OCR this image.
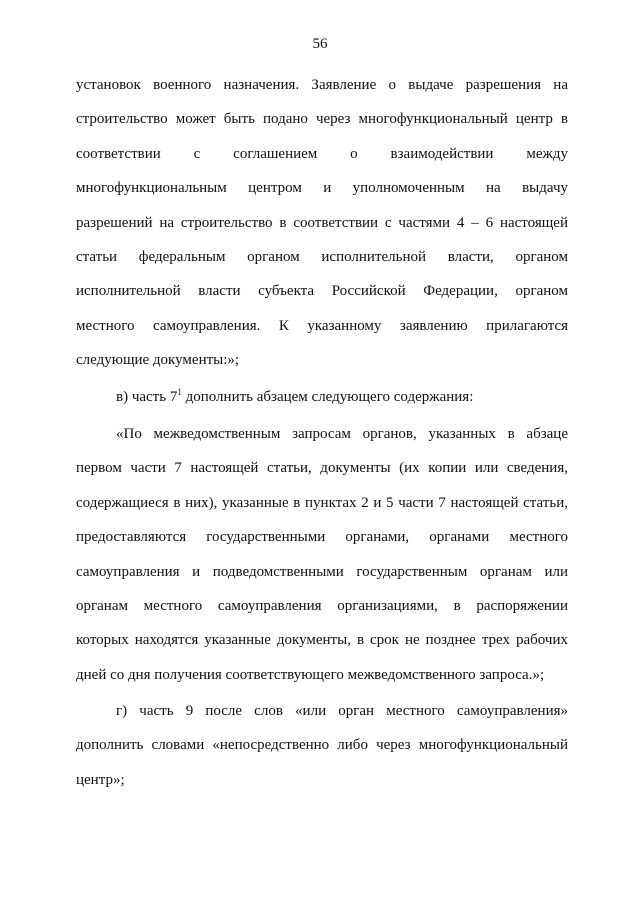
56
установок военного назначения. Заявление о выдаче разрешения на
строительство может быть подано через многофункциональный центр в
соответствии с соглашением о взаимодействии между
многофункциональным центром и уполномоченным на выдачу
разрешений на строительство в соответствии с частями 4 – 6 настоящей
статьи федеральным органом исполнительной власти, органом
исполнительной власти субъекта Российской Федерации, органом
местного самоуправления. К указанному заявлению прилагаются
следующие документы:»;
в) часть $7^1$ дополнить абзацем следующего содержания:
«По межведомственным запросам органов, указанных в абзаце
первом части 7 настоящей статьи, документы (их копии или сведения,
содержащиеся в них), указанные в пунктах 2 и 5 части 7 настоящей статьи,
предоставляются государственными органами, органами местного
самоуправления и подведомственными государственным органам или
органам местного самоуправления организациями, в распоряжении
которых находятся указанные документы, в срок не позднее трех рабочих
дней со дня получения соответствующего межведомственного запроса.»;
г) часть 9 после слов «или орган местного самоуправления»
дополнить словами «непосредственно либо через многофункциональный
центр»;
